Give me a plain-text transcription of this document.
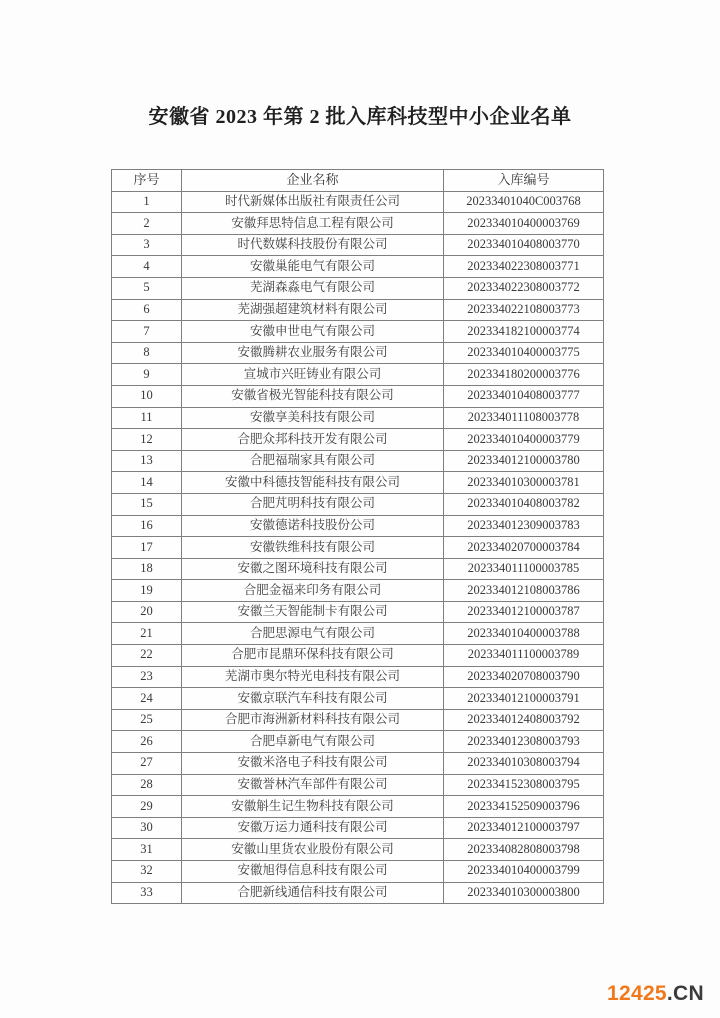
安徽省 2023 年第 2 批入库科技型中小企业名单
序号	企业名称	入库编号
1	时代新媒体出版社有限责任公司	20233401040C003768
2	安徽拜思特信息工程有限公司	202334010400003769
3	时代数媒科技股份有限公司	202334010408003770
4	安徽巢能电气有限公司	202334022308003771
5	芜湖森淼电气有限公司	202334022308003772
6	芜湖强超建筑材料有限公司	202334022108003773
7	安徽申世电气有限公司	202334182100003774
8	安徽腾耕农业服务有限公司	202334010400003775
9	宣城市兴旺铸业有限公司	202334180200003776
10	安徽省极光智能科技有限公司	202334010408003777
11	安徽享美科技有限公司	202334011108003778
12	合肥众邦科技开发有限公司	202334010400003779
13	合肥福瑞家具有限公司	202334012100003780
14	安徽中科德技智能科技有限公司	202334010300003781
15	合肥芃明科技有限公司	202334010408003782
16	安徽德诺科技股份公司	202334012309003783
17	安徽铁维科技有限公司	202334020700003784
18	安徽之图环境科技有限公司	202334011100003785
19	合肥金福来印务有限公司	202334012108003786
20	安徽兰天智能制卡有限公司	202334012100003787
21	合肥思源电气有限公司	202334010400003788
22	合肥市昆鼎环保科技有限公司	202334011100003789
23	芜湖市奥尔特光电科技有限公司	202334020708003790
24	安徽京联汽车科技有限公司	202334012100003791
25	合肥市海洲新材料科技有限公司	202334012408003792
26	合肥卓新电气有限公司	202334012308003793
27	安徽米洛电子科技有限公司	202334010308003794
28	安徽誉林汽车部件有限公司	202334152308003795
29	安徽斛生记生物科技有限公司	202334152509003796
30	安徽万运力通科技有限公司	202334012100003797
31	安徽山里货农业股份有限公司	202334082808003798
32	安徽旭得信息科技有限公司	202334010400003799
33	合肥新线通信科技有限公司	202334010300003800
12425.CN
